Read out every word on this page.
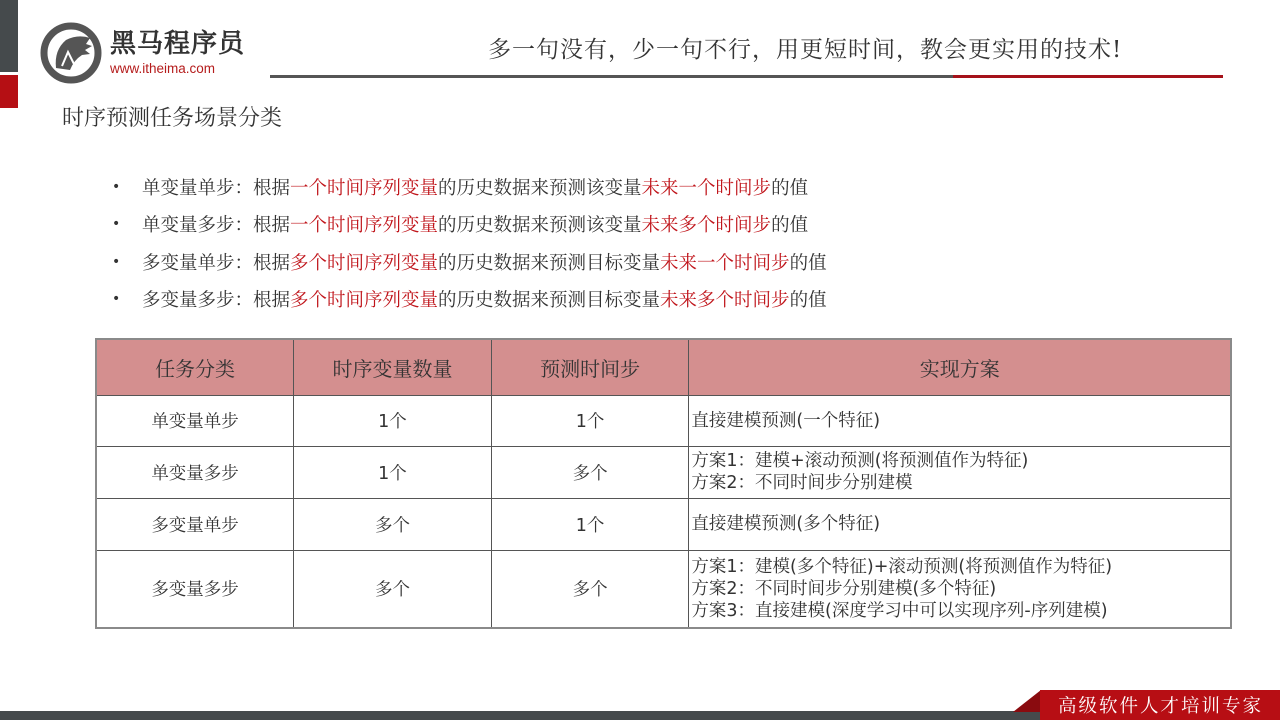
黑马程序员
www.itheima.com
多一句没有，少一句不行，用更短时间，教会更实用的技术!
时序预测任务场景分类
•	单变量单步：根据 一个时间序列变量 的历史数据来预测该变量 未来一个时间步 的值
•	单变量多步：根据 一个时间序列变量 的历史数据来预测该变量 未来多个时间步 的值
•	多变量单步：根据 多个时间序列变量 的历史数据来预测目标变量 未来一个时间步 的值
•	多变量多步：根据 多个时间序列变量 的历史数据来预测目标变量 未来多个时间步 的值
任务分类	时序变量数量	预测时间步	实现方案
单变量单步	1个	1个	直接建模预测(一个特征)

单变量多步	1个	多个	方案1：建模+滚动预测(将预测值作为特征)
方案2：不同时间步分别建模

多变量单步	多个	1个	直接建模预测(多个特征)

多变量多步	多个	多个	方案1：建模(多个特征)+滚动预测(将预测值作为特征)
方案2：不同时间步分别建模(多个特征)
方案3：直接建模(深度学习中可以实现序列-序列建模)
高级软件人才培训专家
